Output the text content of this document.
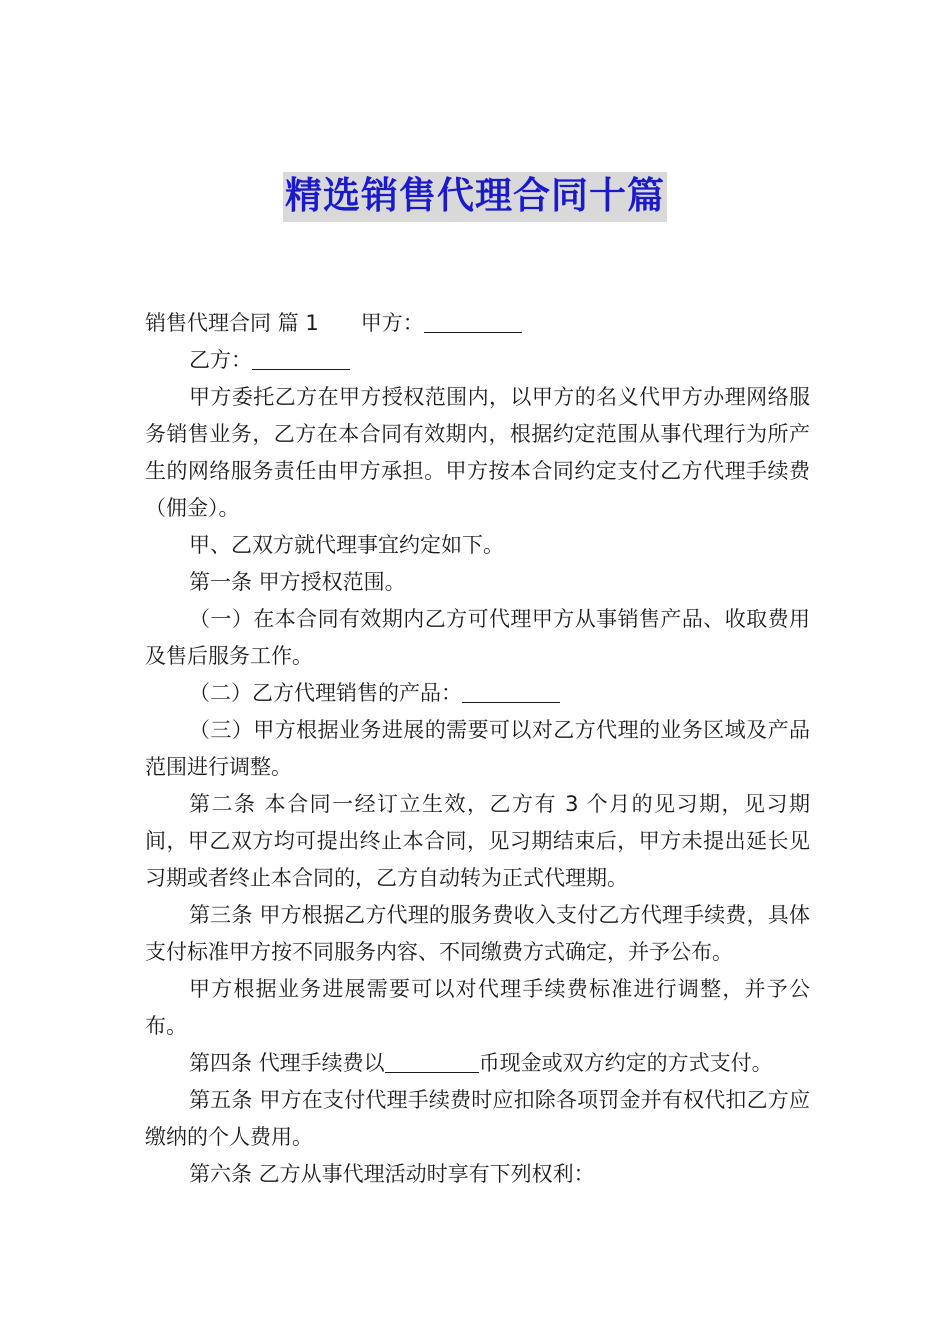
精选销售代理合同十篇

销售代理合同 篇 1 甲方：

乙方：

甲方委托乙方在甲方授权范围内，以甲方的名义代甲方办理网络服务销售业务，乙方在本合同有效期内，根据约定范围从事代理行为所产生的网络服务责任由甲方承担。甲方按本合同约定支付乙方代理手续费（佣金）。

甲、乙双方就代理事宜约定如下。

第一条 甲方授权范围。

（一）在本合同有效期内乙方可代理甲方从事销售产品、收取费用及售后服务工作。

（二）乙方代理销售的产品：

（三）甲方根据业务进展的需要可以对乙方代理的业务区域及产品范围进行调整。

第二条 本合同一经订立生效，乙方有 3 个月的见习期，见习期间，甲乙双方均可提出终止本合同，见习期结束后，甲方未提出延长见习期或者终止本合同的，乙方自动转为正式代理期。

第三条 甲方根据乙方代理的服务费收入支付乙方代理手续费，具体支付标准甲方按不同服务内容、不同缴费方式确定，并予公布。

甲方根据业务进展需要可以对代理手续费标准进行调整，并予公布。

第四条 代理手续费以	币现金或双方约定的方式支付。

第五条 甲方在支付代理手续费时应扣除各项罚金并有权代扣乙方应缴纳的个人费用。

第六条 乙方从事代理活动时享有下列权利：
